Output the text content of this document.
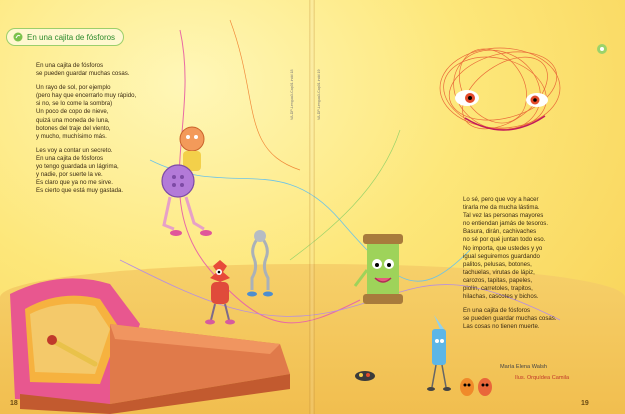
En una cajita de fósforos

En una cajita de fósforos
se pueden guardar muchas cosas.

Un rayo de sol, por ejemplo
(pero hay que encerrarlo muy rápido,
si no, se lo come la sombra)
Un poco de copo de nieve,
quizá una moneda de luna,
botones del traje del viento,
y mucho, muchísimo más.

Les voy a contar un secreto.
En una cajita de fósforos
yo tengo guardada un lágrima,
y nadie, por suerte la ve.
Es claro que ya no me sirve.
Es cierto que está muy gastada.

18
VA-DP-Lengua3-Cap01.indd 18

Lo sé, pero que voy a hacer
tirarla me da mucha lástima.
Tal vez las personas mayores
no entiendan jamás de tesoros.
Basura, dirán, cachivaches
no sé por qué juntan todo eso.
No importa, que ustedes y yo
igual seguiremos guardando
palitos, pelusas, botones,
tachuelas, virutas de lápiz,
carozos, tapitas, papeles,
piolín, carretoles, trapitos,
hilachas, cascotes y bichos.

En una cajita de fósforos
se pueden guardar muchas cosas.
Las cosas no tienen muerte.

María Elena Walsh
Ilus. Orquídea Camila
19
VA-DP-Lengua3-Cap01.indd 19
